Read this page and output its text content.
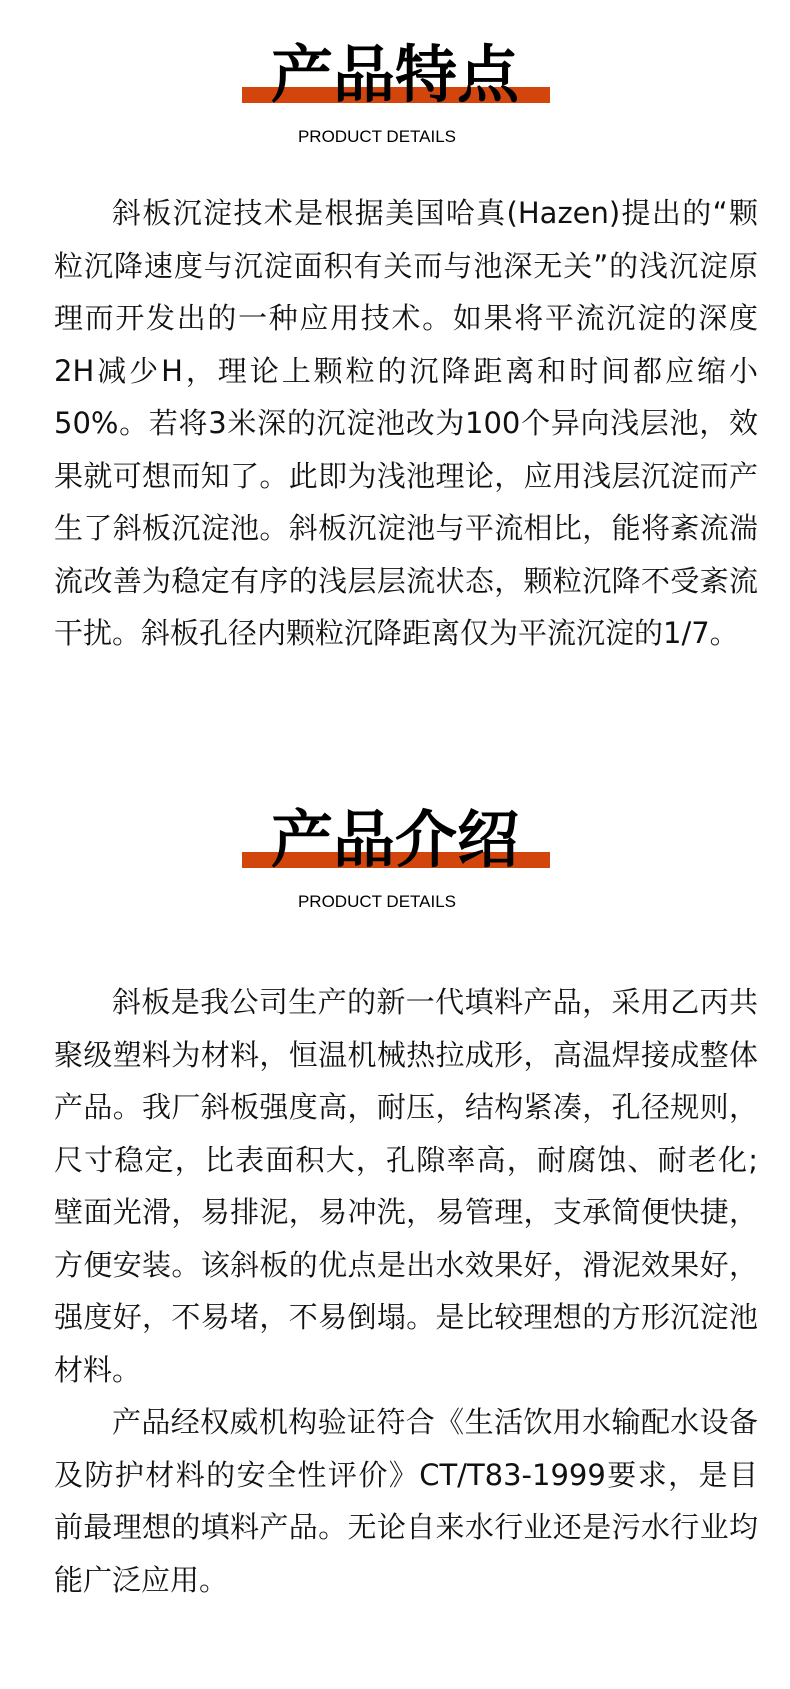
产品特点
PRODUCT DETAILS

斜板沉淀技术是根据美国哈真(Hazen)提出的“颗粒沉降速度与沉淀面积有关而与池深无关”的浅沉淀原理而开发出的一种应用技术。如果将平流沉淀的深度2H减少H，理论上颗粒的沉降距离和时间都应缩小50%。若将3米深的沉淀池改为100个异向浅层池，效果就可想而知了。此即为浅池理论，应用浅层沉淀而产生了斜板沉淀池。斜板沉淀池与平流相比，能将紊流湍流改善为稳定有序的浅层层流状态，颗粒沉降不受紊流干扰。斜板孔径内颗粒沉降距离仅为平流沉淀的1/7。

产品介绍
PRODUCT DETAILS

斜板是我公司生产的新一代填料产品，采用乙丙共聚级塑料为材料，恒温机械热拉成形，高温焊接成整体产品。我厂斜板强度高，耐压，结构紧凑，孔径规则，尺寸稳定，比表面积大，孔隙率高，耐腐蚀、耐老化;壁面光滑，易排泥，易冲洗，易管理，支承简便快捷，方便安装。该斜板的优点是出水效果好，滑泥效果好，强度好，不易堵，不易倒塌。是比较理想的方形沉淀池材料。

产品经权威机构验证符合《生活饮用水输配水设备及防护材料的安全性评价》CT/T83-1999要求，是目前最理想的填料产品。无论自来水行业还是污水行业均能广泛应用。
